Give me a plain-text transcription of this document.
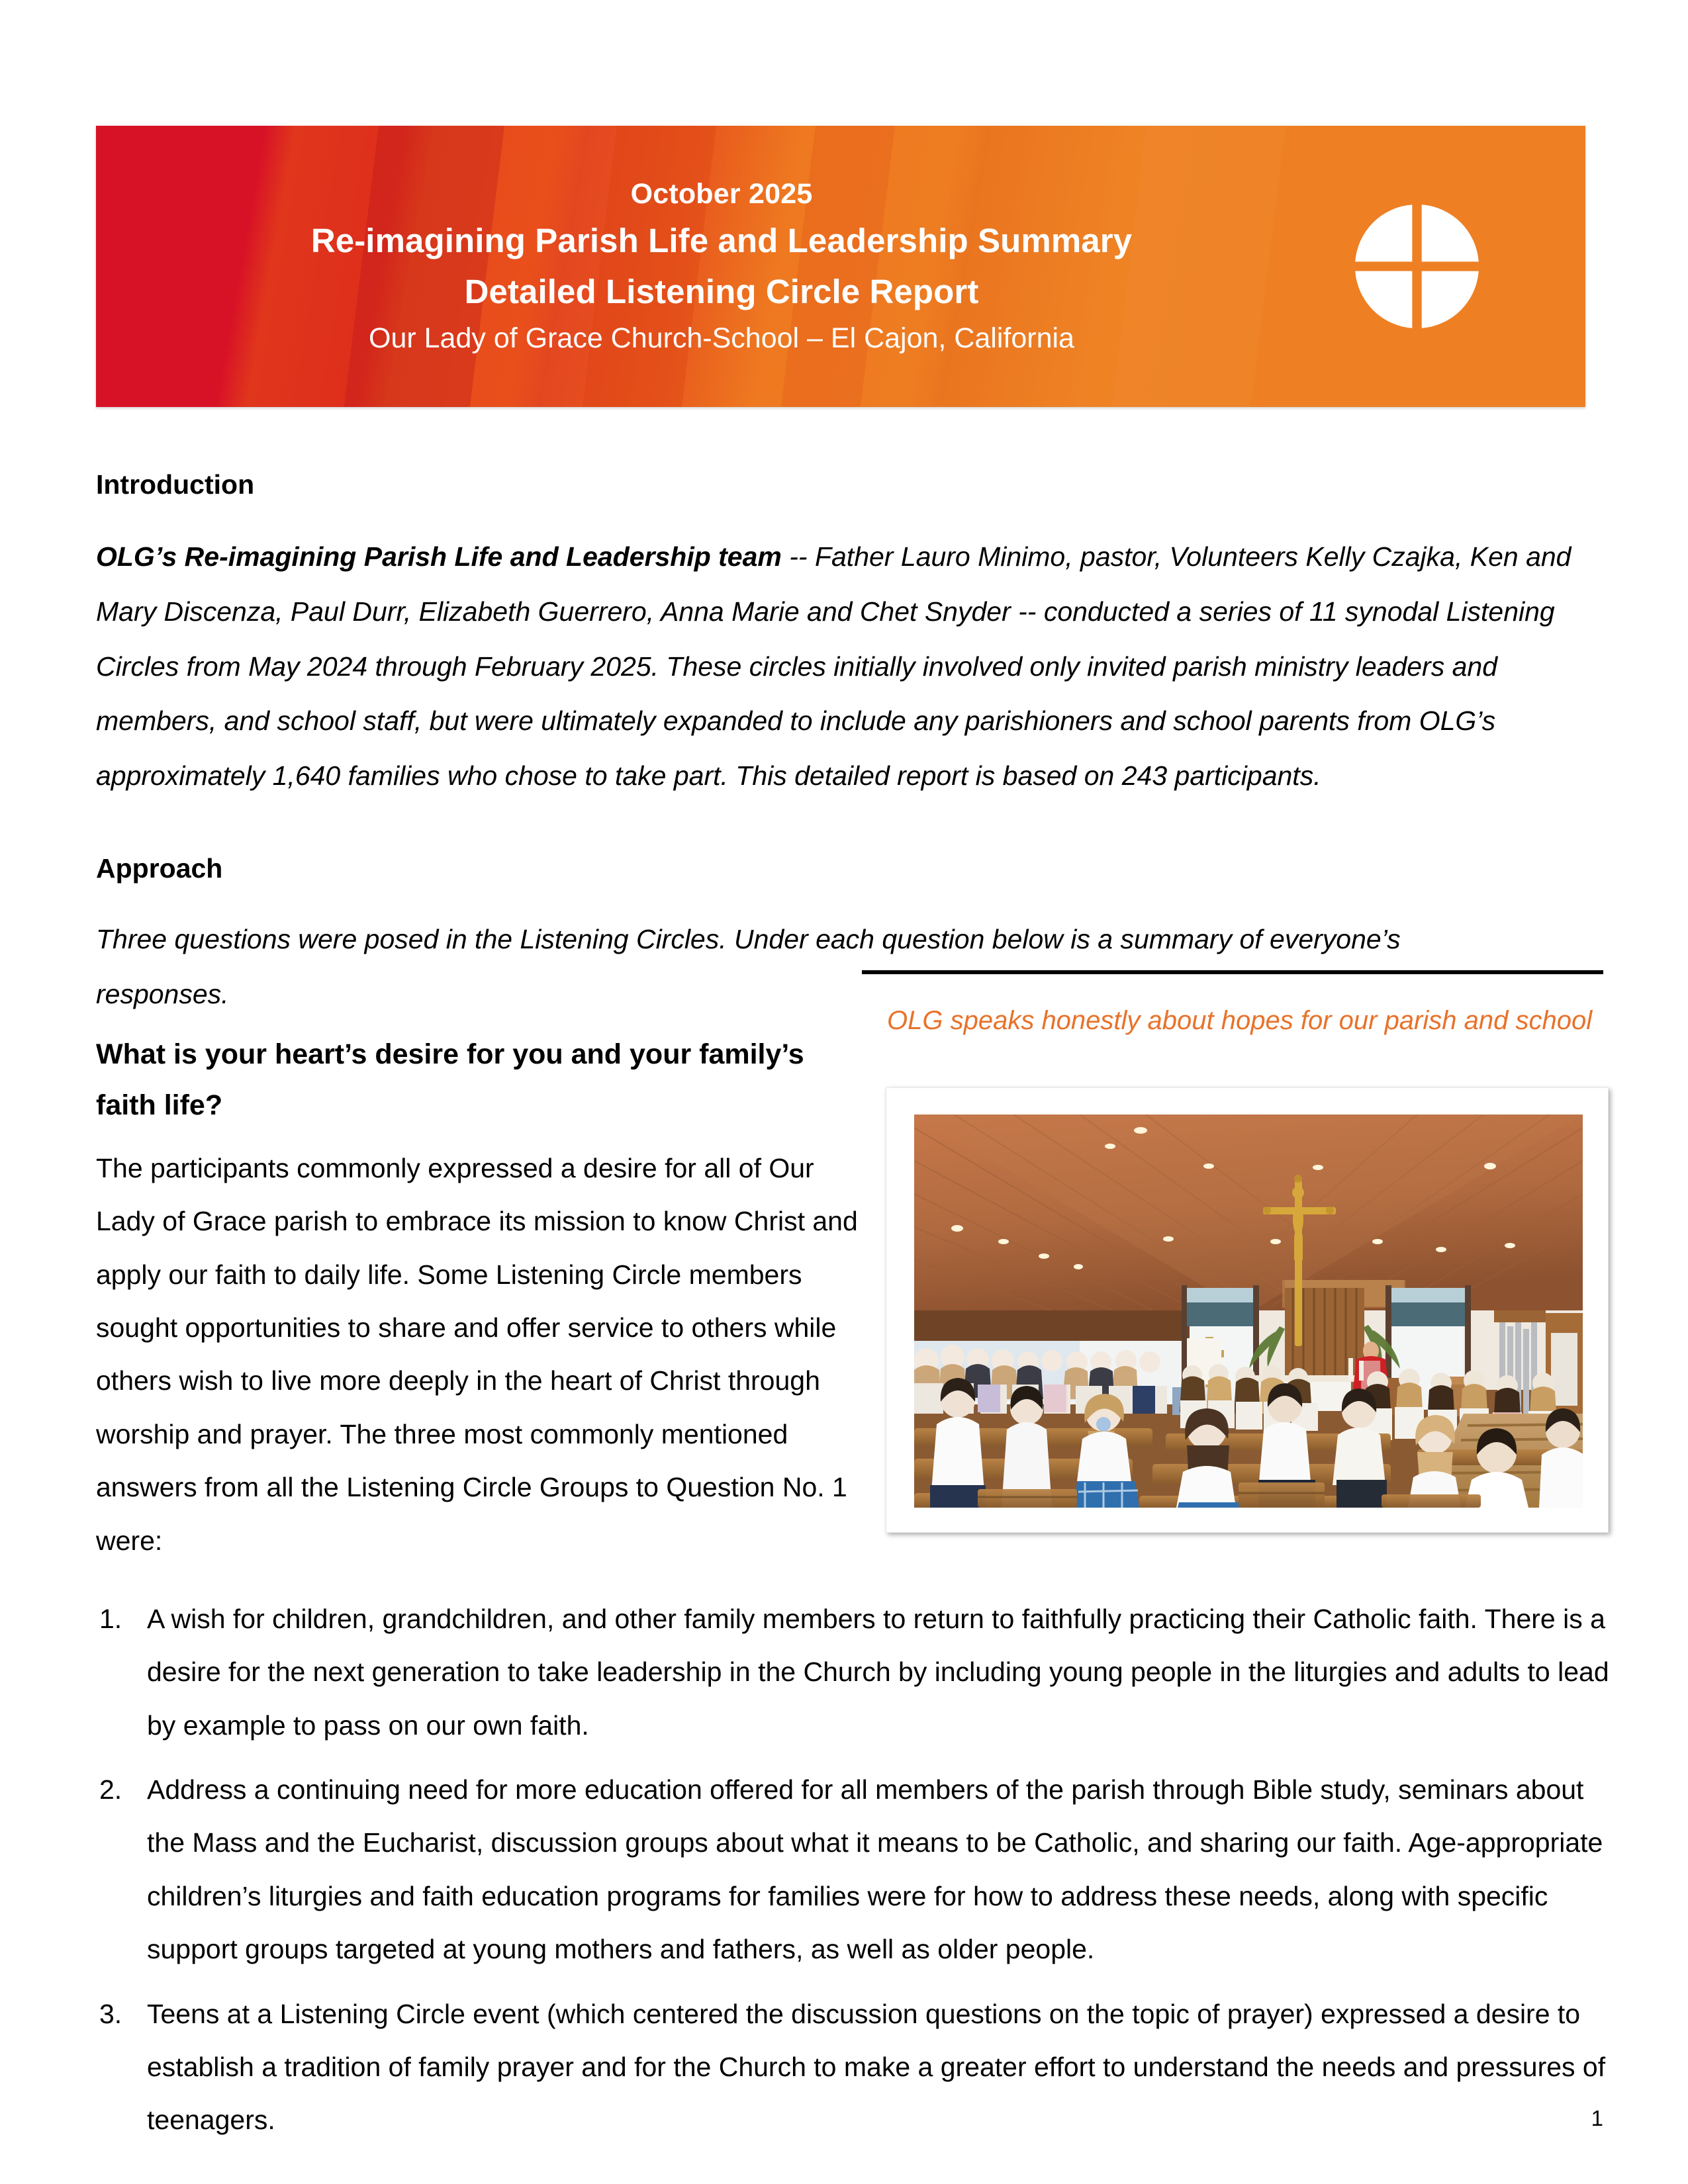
October 2025
Re-imagining Parish Life and Leadership Summary
Detailed Listening Circle Report
Our Lady of Grace Church-School – El Cajon, California
Introduction
OLG’s Re-imagining Parish Life and Leadership team -- Father Lauro Minimo, pastor, Volunteers Kelly Czajka, Ken and Mary Discenza, Paul Durr, Elizabeth Guerrero, Anna Marie and Chet Snyder -- conducted a series of 11 synodal Listening Circles from May 2024 through February 2025. These circles initially involved only invited parish ministry leaders and members, and school staff, but were ultimately expanded to include any parishioners and school parents from OLG’s approximately 1,640 families who chose to take part. This detailed report is based on 243 participants.
Approach
Three questions were posed in the Listening Circles. Under each question below is a summary of everyone’s responses.
What is your heart’s desire for you and your family’s faith life?
The participants commonly expressed a desire for all of Our Lady of Grace parish to embrace its mission to know Christ and apply our faith to daily life. Some Listening Circle members sought opportunities to share and offer service to others while others wish to live more deeply in the heart of Christ through worship and prayer. The three most commonly mentioned answers from all the Listening Circle Groups to Question No. 1 were:
OLG speaks honestly about hopes for our parish and school
1. A wish for children, grandchildren, and other family members to return to faithfully practicing their Catholic faith. There is a desire for the next generation to take leadership in the Church by including young people in the liturgies and adults to lead by example to pass on our own faith.
2. Address a continuing need for more education offered for all members of the parish through Bible study, seminars about the Mass and the Eucharist, discussion groups about what it means to be Catholic, and sharing our faith. Age-appropriate children’s liturgies and faith education programs for families were for how to address these needs, along with specific support groups targeted at young mothers and fathers, as well as older people.
3. Teens at a Listening Circle event (which centered the discussion questions on the topic of prayer) expressed a desire to establish a tradition of family prayer and for the Church to make a greater effort to understand the needs and pressures of teenagers.	1
